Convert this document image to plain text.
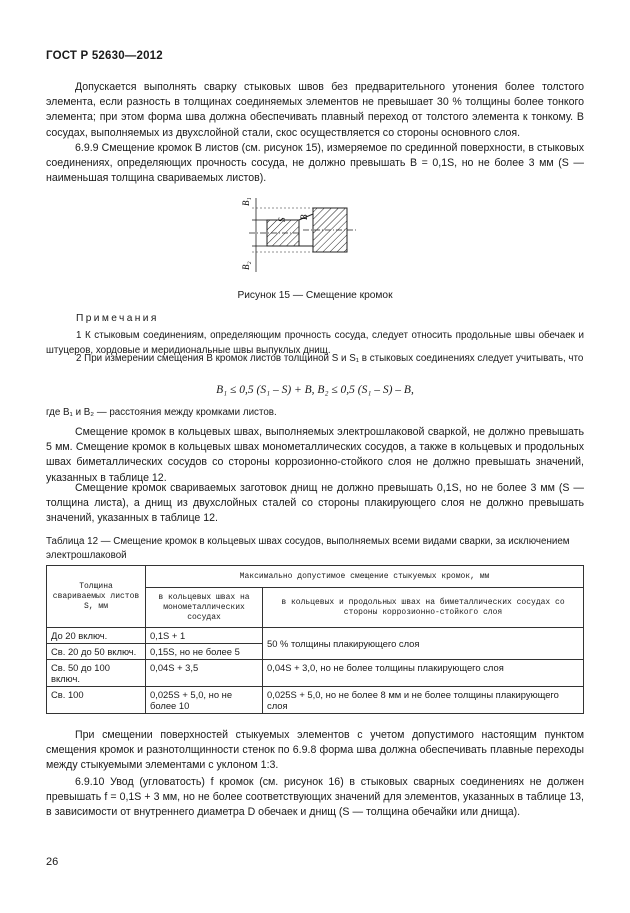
ГОСТ Р 52630—2012

Допускается выполнять сварку стыковых швов без предварительного утонения более толстого элемента, если разность в толщинах соединяемых элементов не превышает 30 % толщины более тонкого элемента; при этом форма шва должна обеспечивать плавный переход от толстого элемента к тонкому. В сосудах, выполняемых из двухслойной стали, скос осуществляется со стороны основного слоя.

6.9.9 Смещение кромок B листов (см. рисунок 15), измеряемое по срединной поверхности, в стыковых соединениях, определяющих прочность сосуда, не должно превышать B = 0,1S, но не более 3 мм (S — наименьшая толщина свариваемых листов).

B₁
B₂
S B
Рисунок 15 — Смещение кромок
Примечания

1 К стыковым соединениям, определяющим прочность сосуда, следует относить продольные швы обечаек и штуцеров, хордовые и меридиональные швы выпуклых днищ.

2 При измерении смещения B кромок листов толщиной S и S₁ в стыковых соединениях следует учитывать, что

B₁ ≤ 0,5 (S₁ – S) + B, B₂ ≤ 0,5 (S₁ – S) – B,

где B₁ и B₂ — расстояния между кромками листов.

Смещение кромок в кольцевых швах, выполняемых электрошлаковой сваркой, не должно превышать 5 мм. Смещение кромок в кольцевых швах монометаллических сосудов, а также в кольцевых и продольных швах биметаллических сосудов со стороны коррозионно-стойкого слоя не должно превышать значений, указанных в таблице 12.

Смещение кромок свариваемых заготовок днищ не должно превышать 0,1S, но не более 3 мм (S — толщина листа), а днищ из двухслойных сталей со стороны плакирующего слоя не должно превышать значений, указанных в таблице 12.

Таблица 12 — Смещение кромок в кольцевых швах сосудов, выполняемых всеми видами сварки, за исключением электрошлаковой

Толщина свариваемых листов S, мм	Максимально допустимое смещение стыкуемых кромок, мм	
	в кольцевых швах на монометаллических сосудах	в кольцевых и продольных швах на биметаллических сосудах со стороны коррозионно-стойкого слоя
До 20 включ.	0,1S + 1	50 % толщины плакирующего слоя
Св. 20 до 50 включ.	0,15S, но не более 5	
Св. 50 до 100 включ.	0,04S + 3,5	0,04S + 3,0, но не более толщины плакирующего слоя
Св. 100	0,025S + 5,0, но не более 10	0,025S + 5,0, но не более 8 мм и не более толщины плакирующего слоя

При смещении поверхностей стыкуемых элементов с учетом допустимого настоящим пунктом смещения кромок и разнотолщинности стенок по 6.9.8 форма шва должна обеспечивать плавные переходы между стыкуемыми элементами с уклоном 1:3.

6.9.10 Увод (угловатость) f кромок (см. рисунок 16) в стыковых сварных соединениях не должен превышать f = 0,1S + 3 мм, но не более соответствующих значений для элементов, указанных в таблице 13, в зависимости от внутреннего диаметра D обечаек и днищ (S — толщина обечайки или днища).

26
